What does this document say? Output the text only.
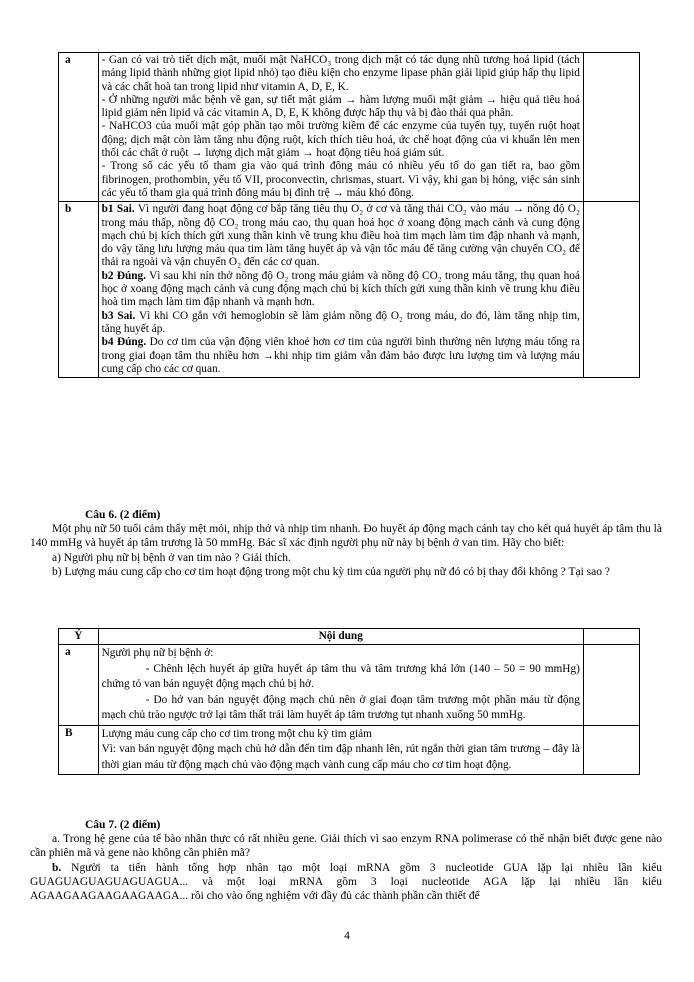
a	- Gan có vai trò tiết dịch mật, muối mật NaHCO₃ trong dịch mật có tác dụng nhũ tương hoá lipid (tách mảng lipid thành những giọt lipid nhỏ) tạo điều kiện cho enzyme lipase phân giải lipid giúp hấp thụ lipid và các chất hoà tan trong lipid như vitamin A, D, E, K.

- Ở những người mắc bệnh về gan, sự tiết mật giảm → hàm lượng muối mật giảm → hiệu quả tiêu hoá lipid giảm nên lipid và các vitamin A, D, E, K không được hấp thụ và bị đào thải qua phân.

- NaHCO3 của muối mật góp phần tạo môi trường kiềm để các enzyme của tuyến tụy, tuyến ruột hoạt động; dịch mật còn làm tăng nhu động ruột, kích thích tiêu hoá, ức chế hoạt động của vi khuẩn lên men thối các chất ở ruột → lượng dịch mật giảm → hoạt động tiêu hoá giảm sút.

- Trong số các yếu tố tham gia vào quá trình đông máu có nhiều yếu tố do gan tiết ra, bao gồm fibrinogen, prothombin, yếu tố VII, proconvectin, chrismas, stuart. Vì vậy, khi gan bị hỏng, việc sản sinh các yếu tố tham gia quá trình đông máu bị đình trệ → máu khó đông.	

b	b1 Sai. Vì người đang hoạt động cơ bắp tăng tiêu thụ O₂ ở cơ và tăng thải CO₂ vào máu → nồng độ O₂ trong máu thấp, nồng độ CO₂ trong máu cao, thụ quan hoá học ở xoang động mạch cảnh và cung động mạch chủ bị kích thích gửi xung thần kinh về trung khu điều hoà tim mạch làm tim đập nhanh và mạnh, do vậy tăng lưu lượng máu qua tim làm tăng huyết áp và vận tốc máu để tăng cường vận chuyển CO₂ để thải ra ngoài và vận chuyển O₂ đến các cơ quan.

b2 Đúng. Vì sau khi nín thở nồng độ O₂ trong máu giảm và nồng độ CO₂ trong máu tăng, thụ quan hoá học ở xoang động mạch cảnh và cung động mạch chủ bị kích thích gửi xung thần kinh về trung khu điều hoà tim mạch làm tim đập nhanh và mạnh hơn.

b3 Sai. Vì khi CO gắn với hemoglobin sẽ làm giảm nồng độ O₂ trong máu, do đó, làm tăng nhịp tim, tăng huyết áp.

b4 Đúng. Do cơ tim của vận động viên khoẻ hơn cơ tim của người bình thường nên lượng máu tống ra trong giai đoạn tâm thu nhiều hơn →khi nhịp tim giảm vẫn đảm bảo được lưu lượng tim và lượng máu cung cấp cho các cơ quan.	

Câu 6. (2 điểm)

Một phụ nữ 50 tuổi cảm thấy mệt mỏi, nhịp thở và nhịp tim nhanh. Đo huyết áp động mạch cánh tay cho kết quả huyết áp tâm thu là 140 mmHg và huyết áp tâm trương là 50 mmHg. Bác sĩ xác định người phụ nữ này bị bệnh ở van tim. Hãy cho biết:

a) Người phụ nữ bị bệnh ở van tim nào ? Giải thích.

b) Lượng máu cung cấp cho cơ tim hoạt động trong một chu kỳ tim của người phụ nữ đó có bị thay đổi không ? Tại sao ?

Ý	Nội dung	
a	Người phụ nữ bị bệnh ở:

- Chênh lệch huyết áp giữa huyết áp tâm thu và tâm trương khá lớn (140 – 50 = 90 mmHg) chứng tỏ van bán nguyệt động mạch chủ bị hở.

- Do hở van bán nguyệt động mạch chủ nên ở giai đoạn tâm trương một phần máu từ động mạch chủ trào ngược trở lại tâm thất trái làm huyết áp tâm trương tụt nhanh xuống 50 mmHg.	

B	Lượng máu cung cấp cho cơ tim trong một chu kỳ tim giảm

Vì: van bán nguyệt động mạch chủ hở dẫn đến tim đập nhanh lên, rút ngắn thời gian tâm trương – đây là thời gian máu từ động mạch chủ vào động mạch vành cung cấp máu cho cơ tim hoạt động.	

Câu 7. (2 điểm)

a. Trong hệ gene của tế bào nhân thực có rất nhiều gene. Giải thích vì sao enzym RNA polimerase có thể nhận biết được gene nào cần phiên mã và gene nào không cần phiên mã?

b. Người ta tiến hành tổng hợp nhân tạo một loại mRNA gồm 3 nucleotide GUA lặp lại nhiều lần kiểu GUAGUAGUAGUAGUAGUA... và một loại mRNA gồm 3 loại nucleotide AGA lặp lại nhiều lần kiểu AGAAGAAGAAGAAGAAGA... rồi cho vào ống nghiệm với đầy đủ các thành phần cần thiết để

4
